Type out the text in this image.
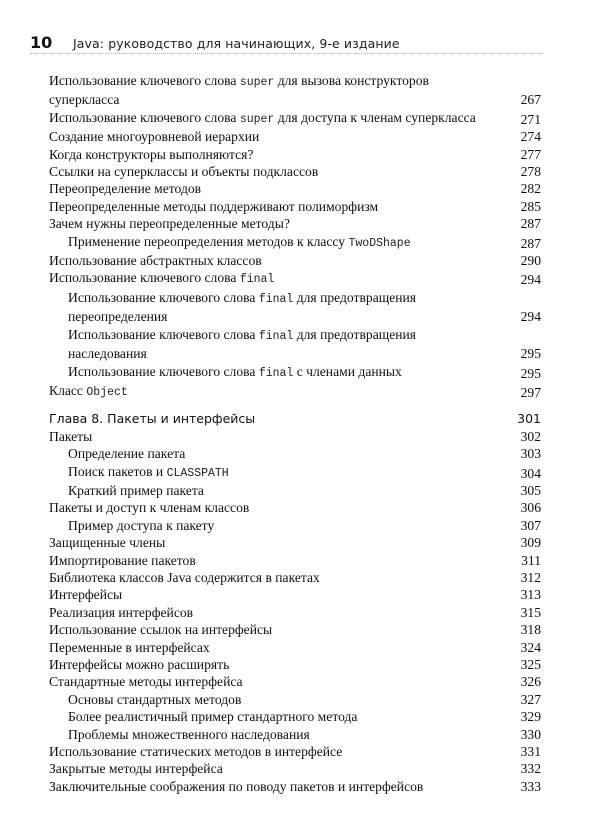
10 Java: руководство для начинающих, 9-е издание
Использование ключевого слова super для вызова конструкторов
суперкласса	267
Использование ключевого слова super для доступа к членам суперкласса	271
Создание многоуровневой иерархии	274
Когда конструкторы выполняются?	277
Ссылки на суперклассы и объекты подклассов	278
Переопределение методов	282
Переопределенные методы поддерживают полиморфизм	285
Зачем нужны переопределенные методы?	287
Применение переопределения методов к классу TwoDShape	287
Использование абстрактных классов	290
Использование ключевого слова final	294
Использование ключевого слова final для предотвращения
переопределения	294
Использование ключевого слова final для предотвращения
наследования	295
Использование ключевого слова final с членами данных	295
Класс Object	297
Глава 8. Пакеты и интерфейсы	301
Пакеты	302
Определение пакета	303
Поиск пакетов и CLASSPATH	304
Краткий пример пакета	305
Пакеты и доступ к членам классов	306
Пример доступа к пакету	307
Защищенные члены	309
Импортирование пакетов	311
Библиотека классов Java содержится в пакетах	312
Интерфейсы	313
Реализация интерфейсов	315
Использование ссылок на интерфейсы	318
Переменные в интерфейсах	324
Интерфейсы можно расширять	325
Стандартные методы интерфейса	326
Основы стандартных методов	327
Более реалистичный пример стандартного метода	329
Проблемы множественного наследования	330
Использование статических методов в интерфейсе	331
Закрытые методы интерфейса	332
Заключительные соображения по поводу пакетов и интерфейсов	333
